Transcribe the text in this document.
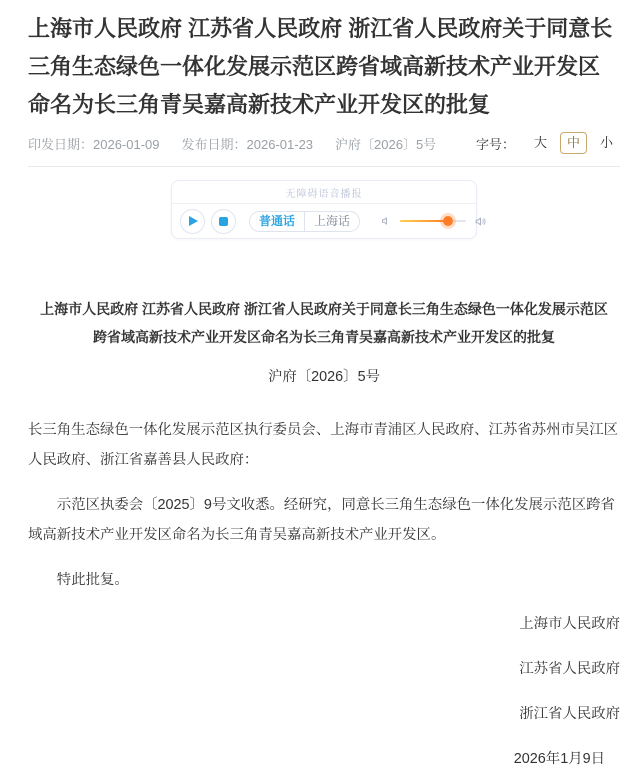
上海市人民政府 江苏省人民政府 浙江省人民政府关于同意长三角生态绿色一体化发展示范区跨省域高新技术产业开发区命名为长三角青吴嘉高新技术产业开发区的批复
印发日期：2026-01-09 发布日期：2026-01-23 沪府〔2026〕5号	字号：	大	中	小
无障碍语音播报
普通话	上海话
上海市人民政府 江苏省人民政府 浙江省人民政府关于同意长三角生态绿色一体化发展示范区跨省域高新技术产业开发区命名为长三角青吴嘉高新技术产业开发区的批复
沪府〔2026〕5号
长三角生态绿色一体化发展示范区执行委员会、上海市青浦区人民政府、江苏省苏州市吴江区人民政府、浙江省嘉善县人民政府：
示范区执委会〔2025〕9号文收悉。经研究，同意长三角生态绿色一体化发展示范区跨省域高新技术产业开发区命名为长三角青吴嘉高新技术产业开发区。
特此批复。
上海市人民政府
江苏省人民政府
浙江省人民政府
2026年1月9日
